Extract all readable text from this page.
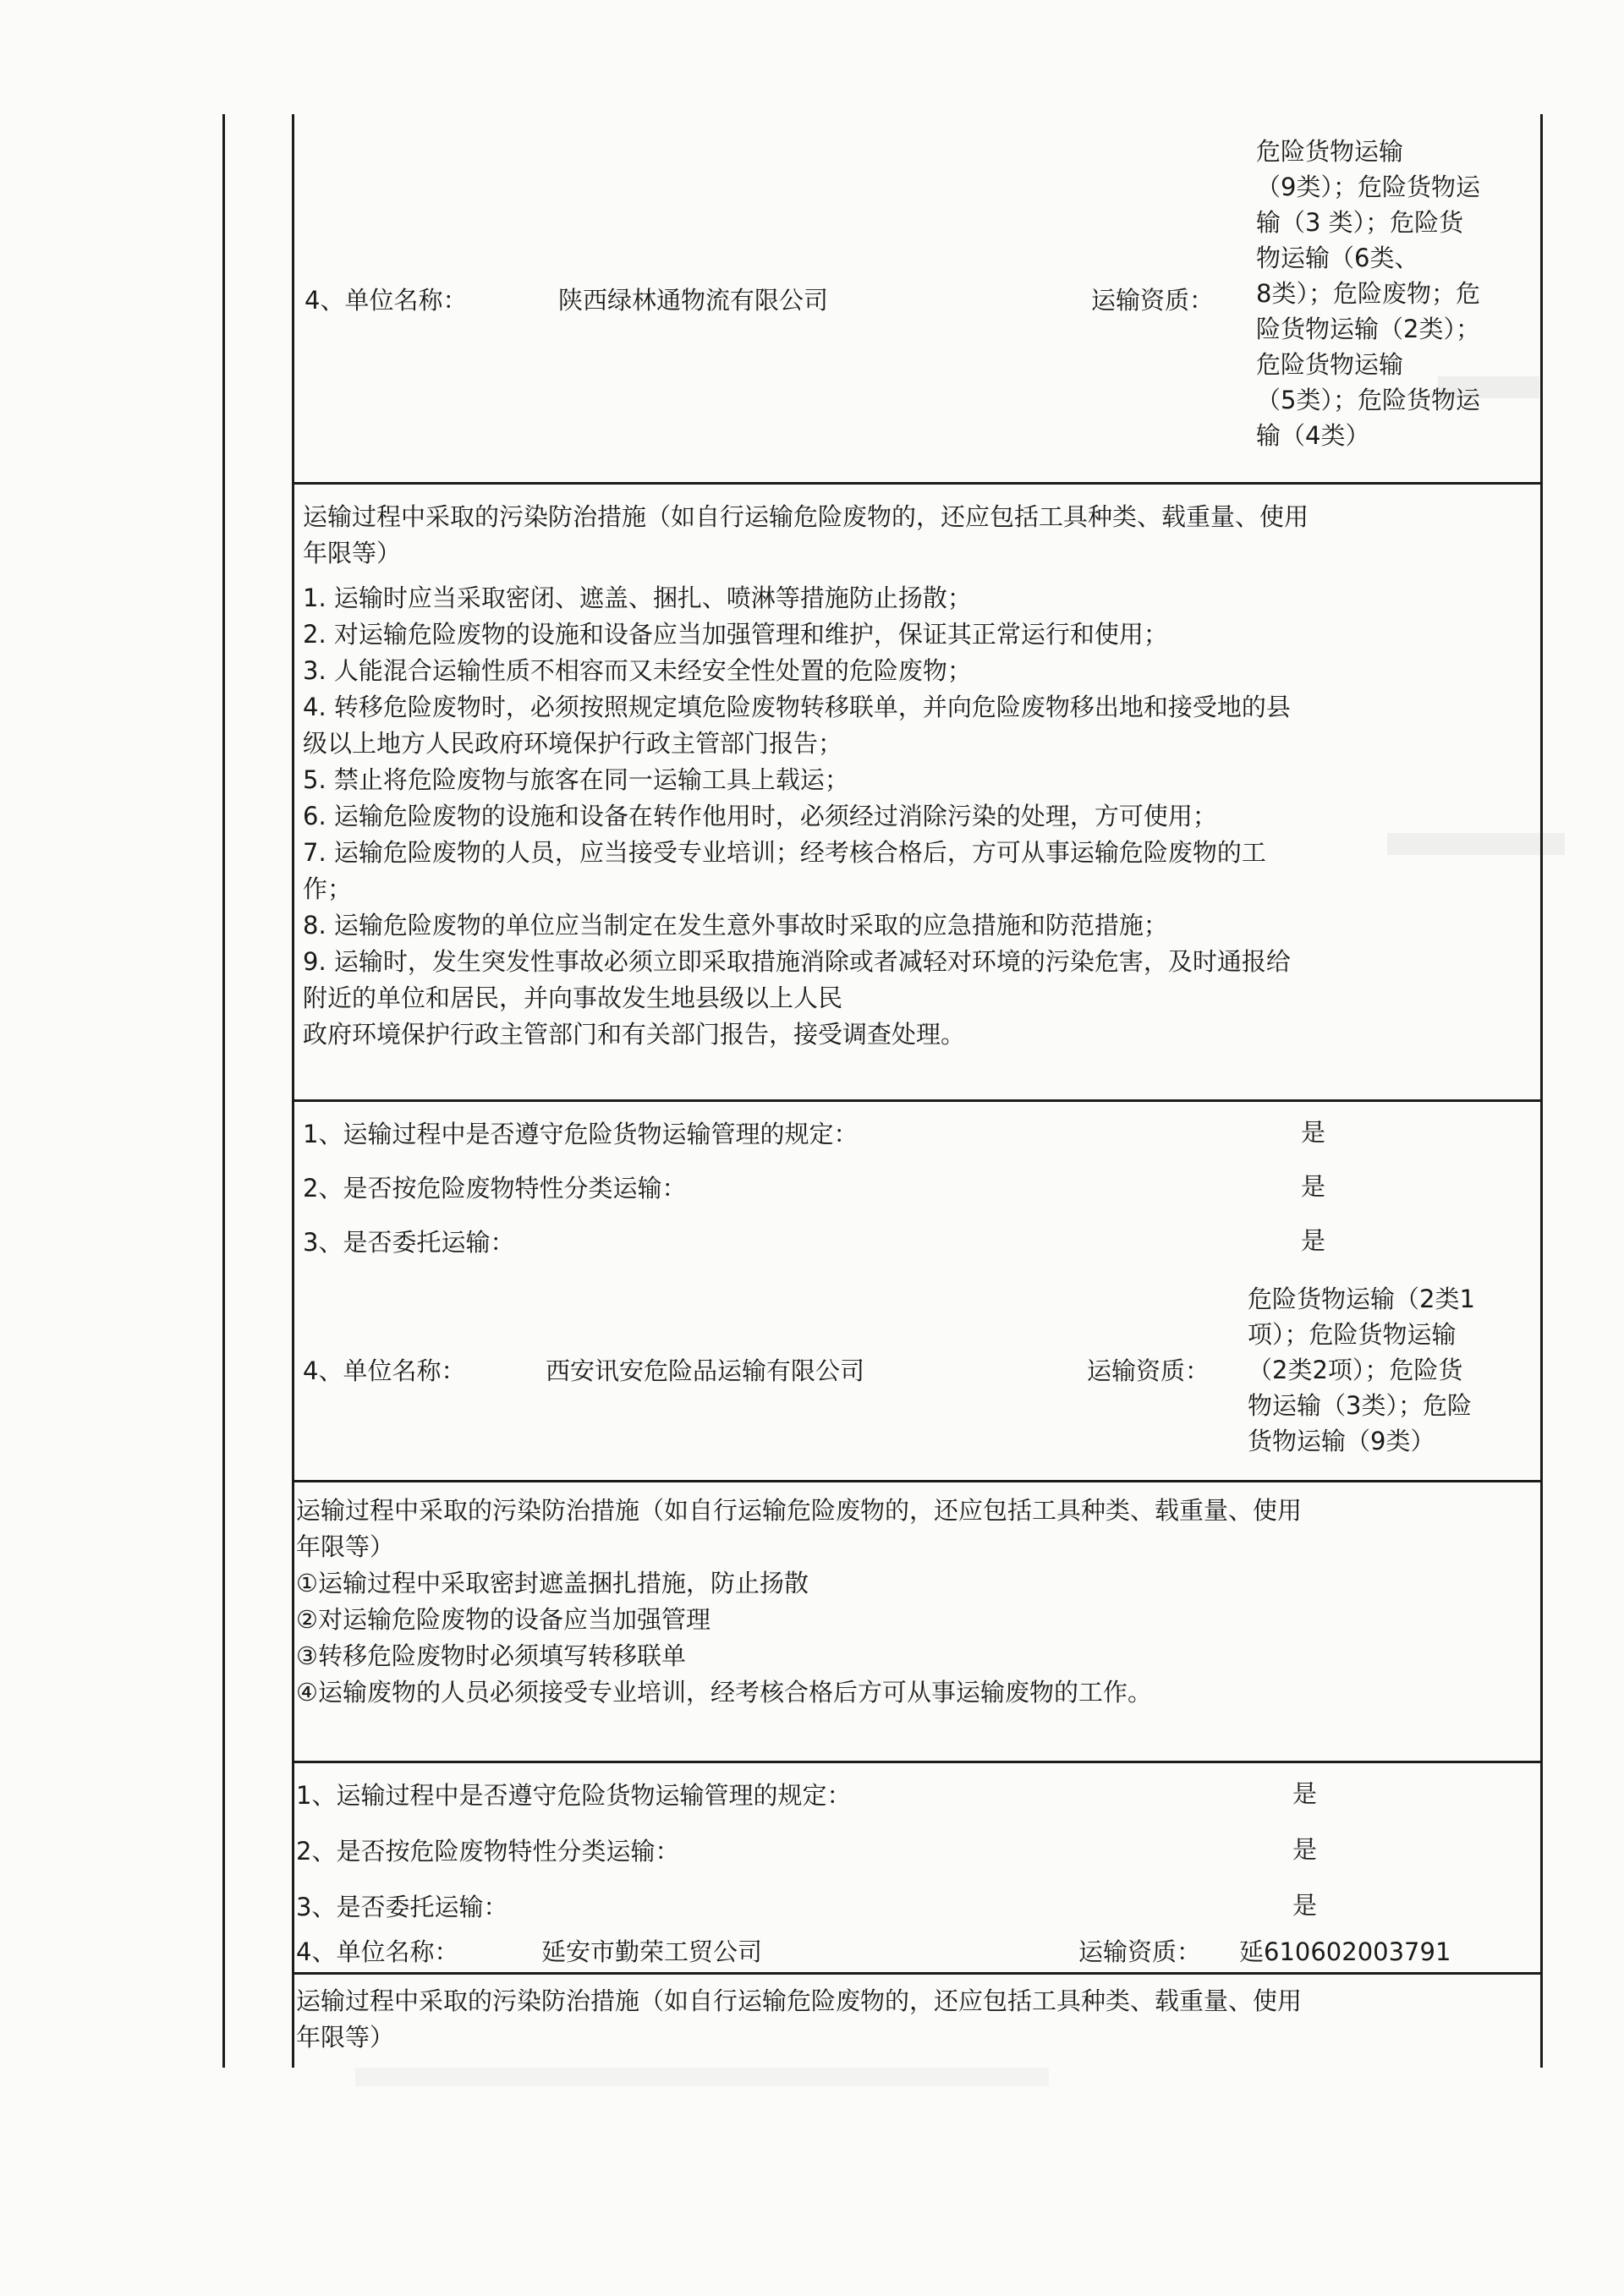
4、单位名称：	陕西绿林通物流有限公司	运输资质：
危险货物运输
（9类）；危险货物运
输（3 类）；危险货
物运输（6类、
8类）；危险废物；危
险货物运输（2类）；
危险货物运输
（5类）；危险货物运
输（4类）
运输过程中采取的污染防治措施（如自行运输危险废物的，还应包括工具种类、载重量、使用
年限等）
1. 运输时应当采取密闭、遮盖、捆扎、喷淋等措施防止扬散；
2. 对运输危险废物的设施和设备应当加强管理和维护，保证其正常运行和使用；
3. 人能混合运输性质不相容而又未经安全性处置的危险废物；
4. 转移危险废物时，必须按照规定填危险废物转移联单，并向危险废物移出地和接受地的县
级以上地方人民政府环境保护行政主管部门报告；
5. 禁止将危险废物与旅客在同一运输工具上载运；
6. 运输危险废物的设施和设备在转作他用时，必须经过消除污染的处理，方可使用；
7. 运输危险废物的人员，应当接受专业培训；经考核合格后，方可从事运输危险废物的工
作；
8. 运输危险废物的单位应当制定在发生意外事故时采取的应急措施和防范措施；
9. 运输时，发生突发性事故必须立即采取措施消除或者减轻对环境的污染危害，及时通报给
附近的单位和居民，并向事故发生地县级以上人民
政府环境保护行政主管部门和有关部门报告，接受调查处理。
1、运输过程中是否遵守危险货物运输管理的规定：	是
2、是否按危险废物特性分类运输：	是
3、是否委托运输：	是
4、单位名称：	西安讯安危险品运输有限公司	运输资质：
危险货物运输（2类1
项）；危险货物运输
（2类2项）；危险货
物运输（3类）；危险
货物运输（9类）
运输过程中采取的污染防治措施（如自行运输危险废物的，还应包括工具种类、载重量、使用
年限等）
①运输过程中采取密封遮盖捆扎措施，防止扬散
②对运输危险废物的设备应当加强管理
③转移危险废物时必须填写转移联单
④运输废物的人员必须接受专业培训，经考核合格后方可从事运输废物的工作。
1、运输过程中是否遵守危险货物运输管理的规定：	是
2、是否按危险废物特性分类运输：	是
3、是否委托运输：	是
4、单位名称：	延安市勤荣工贸公司	运输资质： 延610602003791
运输过程中采取的污染防治措施（如自行运输危险废物的，还应包括工具种类、载重量、使用
年限等）
